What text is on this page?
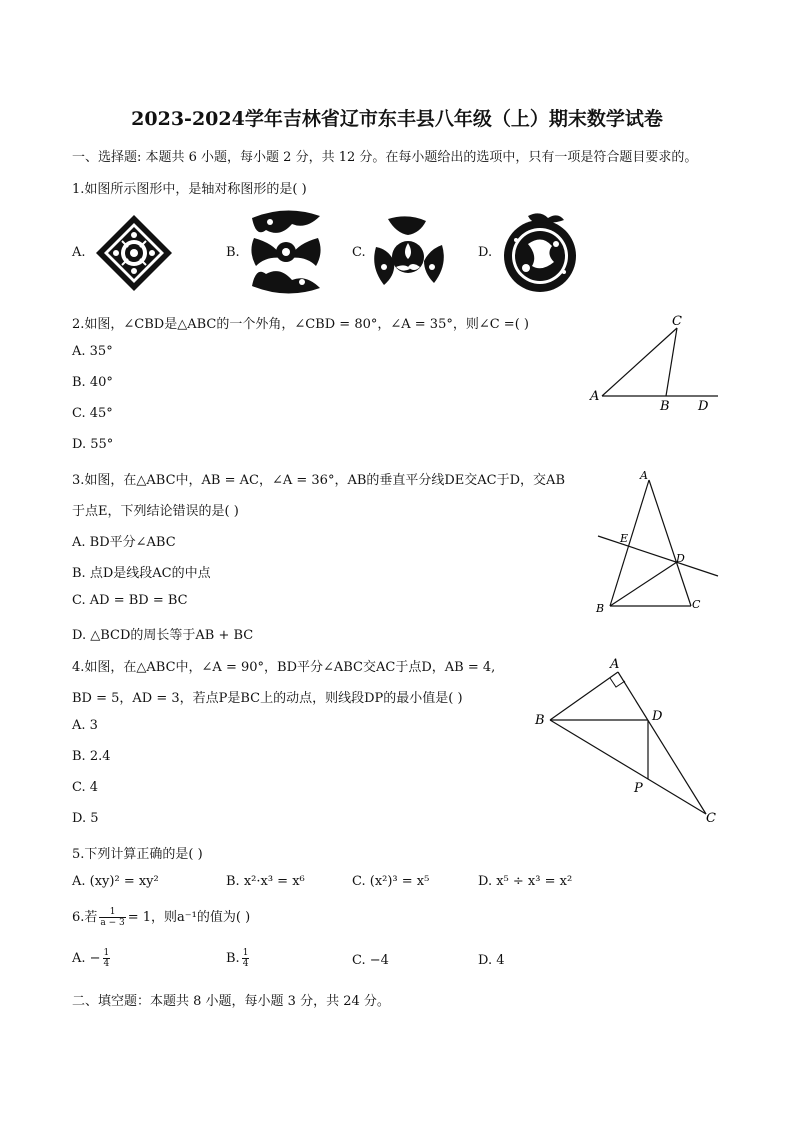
2023-2024学年吉林省辽市东丰县八年级（上）期末数学试卷
一、选择题: 本题共 6 小题，每小题 2 分，共 12 分。在每小题给出的选项中，只有一项是符合题目要求的。
1.如图所示图形中，是轴对称图形的是( )
A.	B.	C.	D.
2.如图，∠CBD是△ABC的一个外角，∠CBD = 80°，∠A = 35°，则∠C =( )
A. 35°
B. 40°
C. 45°
D. 55°
C
A
B D
3.如图，在△ABC中，AB = AC，∠A = 36°，AB的垂直平分线DE交AC于D，交AB
于点E，下列结论错误的是( )
A. BD平分∠ABC
B. 点D是线段AC的中点
C. AD = BD = BC
D. △BCD的周长等于AB + BC
A
E
D
B	C
4.如图，在△ABC中，∠A = 90°，BD平分∠ABC交AC于点D，AB = 4,
BD = 5，AD = 3，若点P是BC上的动点，则线段DP的最小值是( )
A. 3
B. 2.4
C. 4
D. 5
A
B	D
P
C
5.下列计算正确的是( )
A. (xy)² = xy²	B. x²·x³ = x⁶	C. (x²)³ = x⁵	D. x⁵ ÷ x³ = x²
6.若 $\frac{1}{a - 3} = 1$，则a⁻¹的值为( )
A. − $\frac{1}{4}$	B. $\frac{1}{4}$	C. −4	D. 4
二、填空题：本题共 8 小题，每小题 3 分，共 24 分。
